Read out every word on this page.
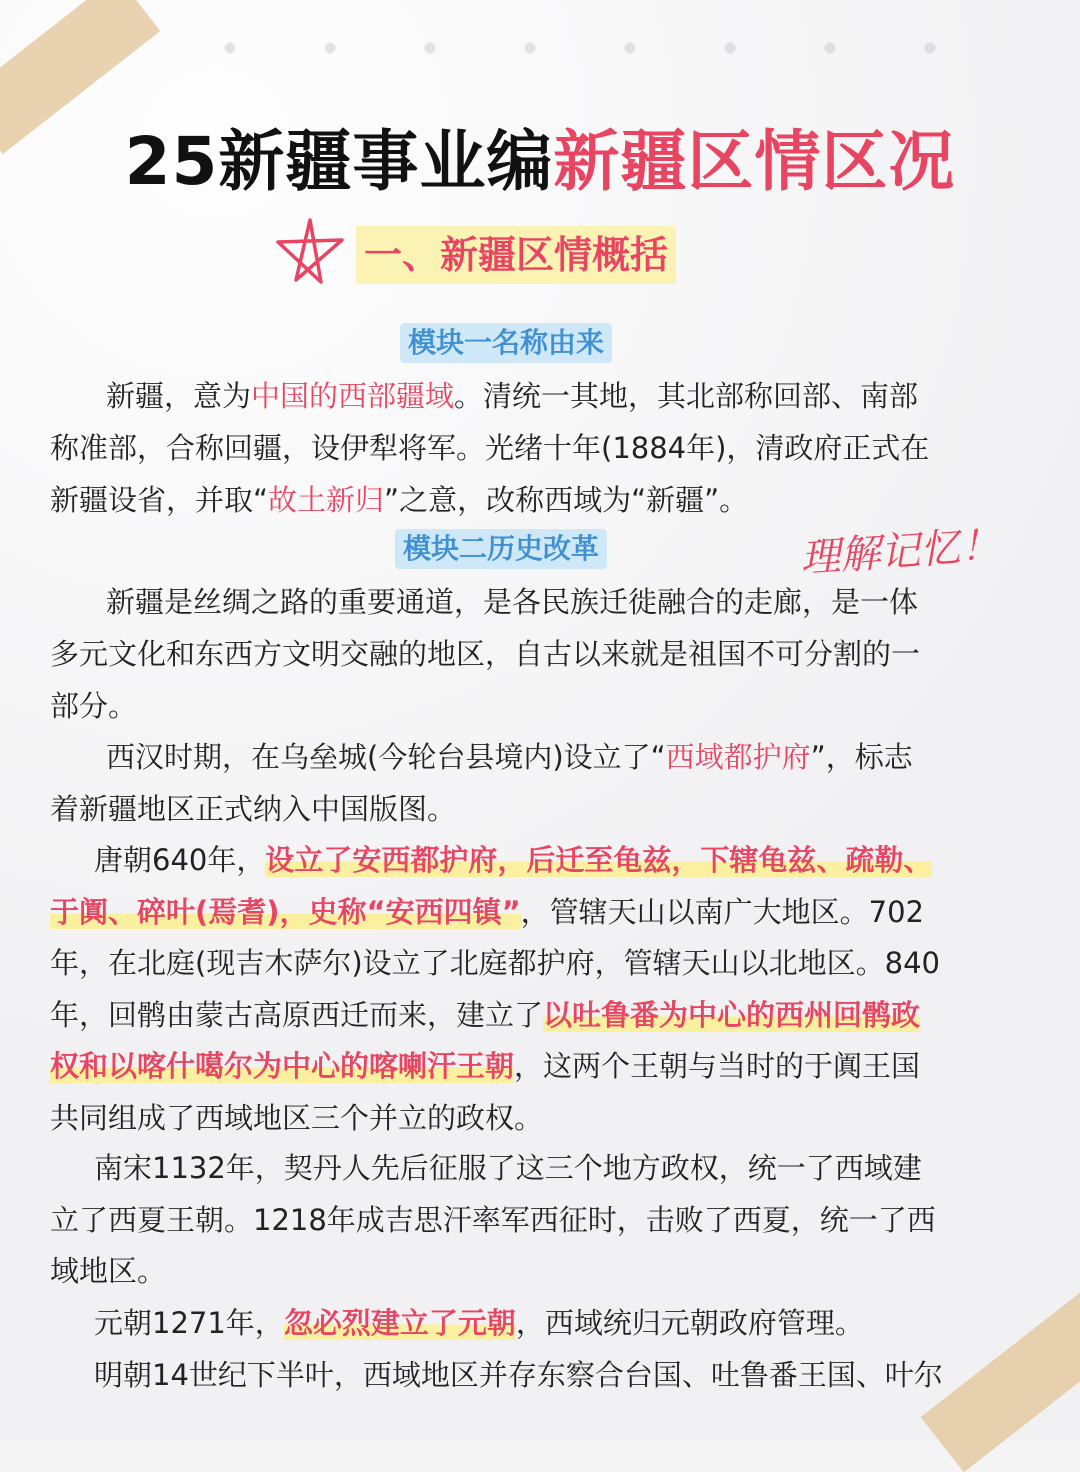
25新疆事业编新疆区情区况
一、新疆区情概括
模块一名称由来
新疆，意为中国的西部疆域。清统一其地，其北部称回部、南部
称准部，合称回疆，设伊犁将军。光绪十年(1884年)，清政府正式在
新疆设省，并取“故土新归”之意，改称西域为“新疆”。
模块二历史改革	理解记忆！
新疆是丝绸之路的重要通道，是各民族迁徙融合的走廊，是一体
多元文化和东西方文明交融的地区，自古以来就是祖国不可分割的一
部分。
西汉时期，在乌垒城(今轮台县境内)设立了“西域都护府”，标志
着新疆地区正式纳入中国版图。
唐朝640年，设立了安西都护府，后迁至龟兹，下辖龟兹、疏勒、
于阗、碎叶(焉耆)，史称“安西四镇”，管辖天山以南广大地区。702
年，在北庭(现吉木萨尔)设立了北庭都护府，管辖天山以北地区。840
年，回鹘由蒙古高原西迁而来，建立了以吐鲁番为中心的西州回鹘政
权和以喀什噶尔为中心的喀喇汗王朝，这两个王朝与当时的于阗王国
共同组成了西域地区三个并立的政权。
南宋1132年，契丹人先后征服了这三个地方政权，统一了西域建
立了西夏王朝。1218年成吉思汗率军西征时，击败了西夏，统一了西
域地区。
元朝1271年，忽必烈建立了元朝，西域统归元朝政府管理。
明朝14世纪下半叶，西域地区并存东察合台国、吐鲁番王国、叶尔
